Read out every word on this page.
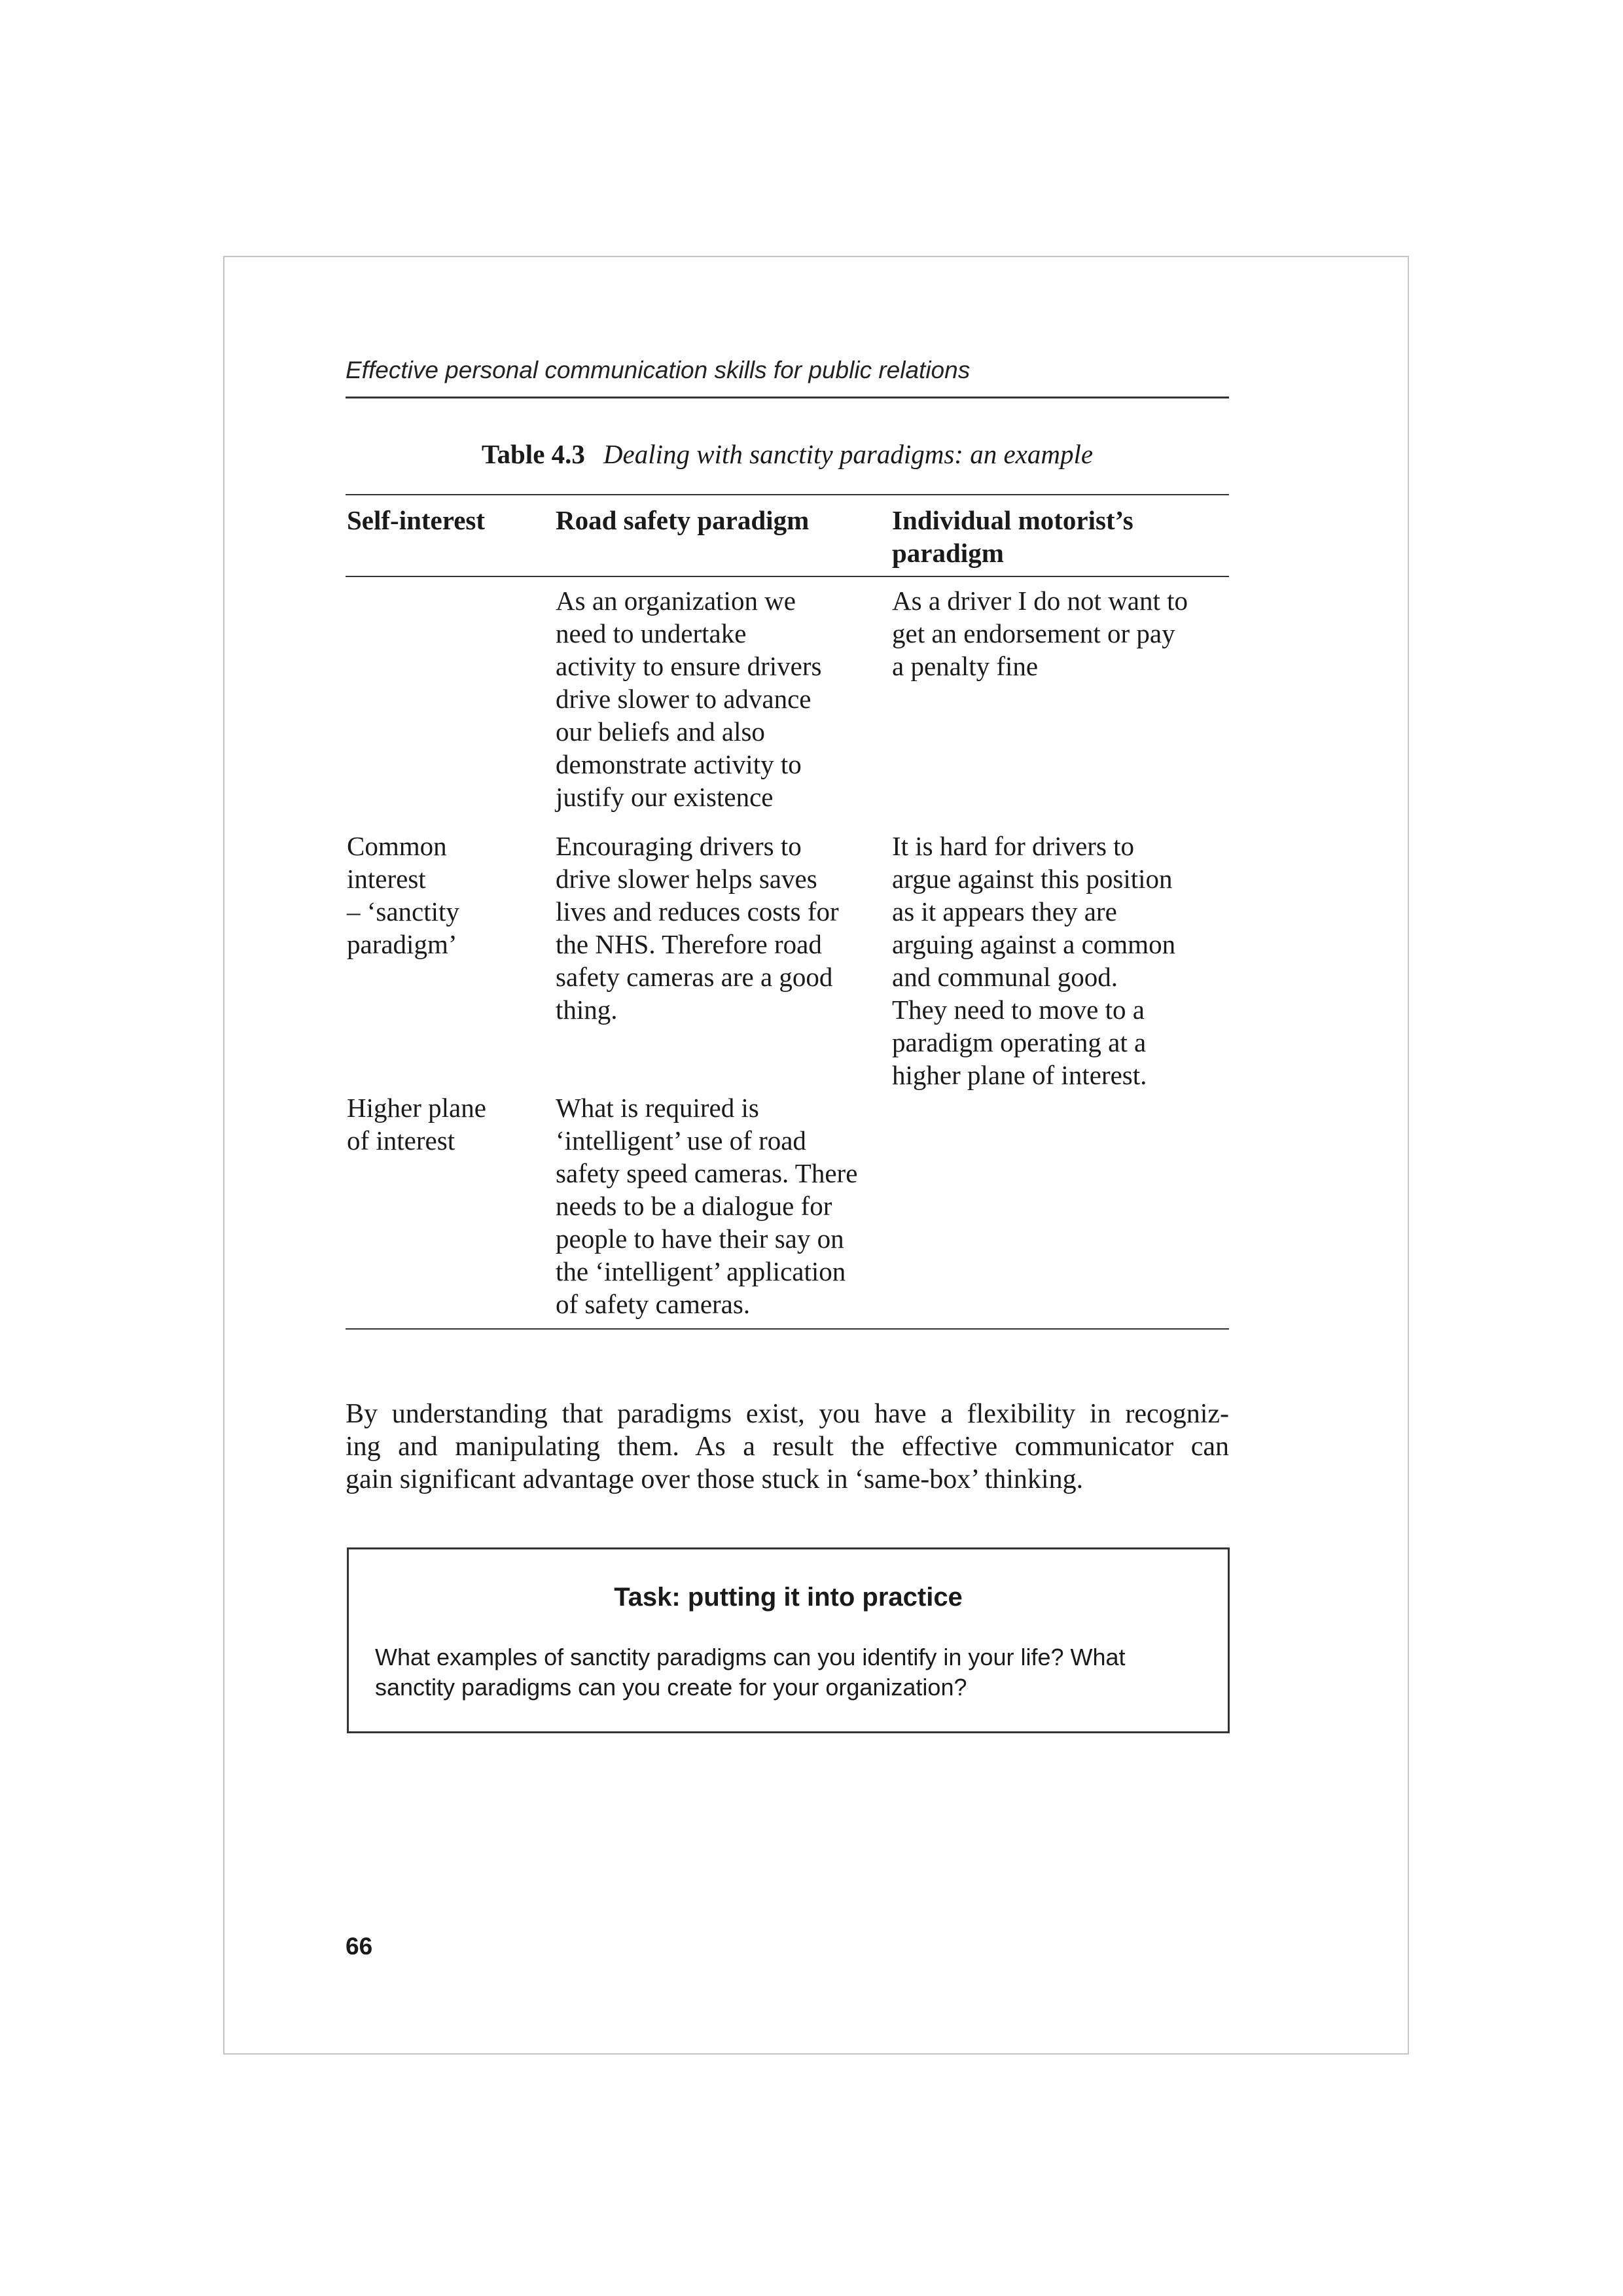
Effective personal communication skills for public relations
Table 4.3 Dealing with sanctity paradigms: an example
Self-interest	Road safety paradigm	Individual motorist’s
paradigm
As an organization we
need to undertake
activity to ensure drivers
drive slower to advance
our beliefs and also
demonstrate activity to
justify our existence
As a driver I do not want to
get an endorsement or pay
a penalty fine
Common
interest
– ‘sanctity
paradigm’
Encouraging drivers to
drive slower helps saves
lives and reduces costs for
the NHS. Therefore road
safety cameras are a good
thing.
It is hard for drivers to
argue against this position
as it appears they are
arguing against a common
and communal good.
They need to move to a
paradigm operating at a
higher plane of interest.
Higher plane
of interest
What is required is
‘intelligent’ use of road
safety speed cameras. There
needs to be a dialogue for
people to have their say on
the ‘intelligent’ application
of safety cameras.
By understanding that paradigms exist, you have a flexibility in recogniz-
ing and manipulating them. As a result the effective communicator can
gain significant advantage over those stuck in ‘same-box’ thinking.
Task: putting it into practice
What examples of sanctity paradigms can you identify in your life? What
sanctity paradigms can you create for your organization?
66
